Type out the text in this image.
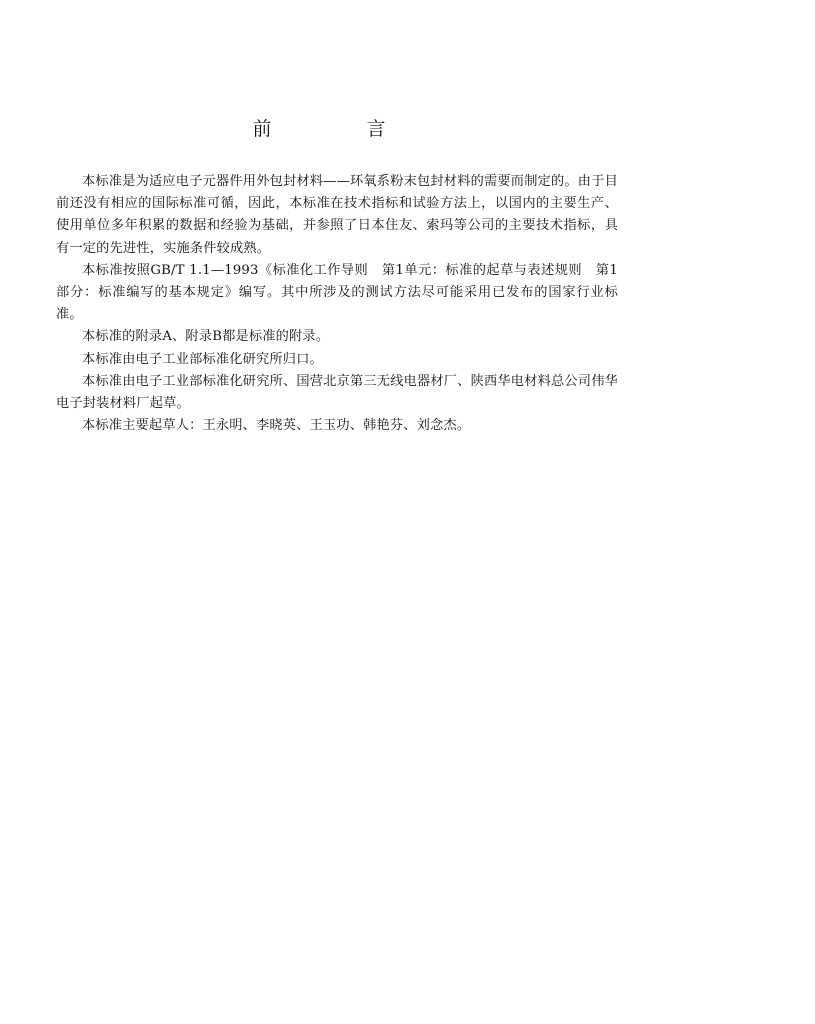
前　言

本标准是为适应电子元器件用外包封材料——环氧系粉末包封材料的需要而制定的。由于目前还没有相应的国际标准可循，因此，本标准在技术指标和试验方法上，以国内的主要生产、使用单位多年积累的数据和经验为基础，并参照了日本住友、索玛等公司的主要技术指标，具有一定的先进性，实施条件较成熟。

本标准按照GB/T 1.1—1993《标准化工作导则　第1单元：标准的起草与表述规则　第1部分：标准编写的基本规定》编写。其中所涉及的测试方法尽可能采用已发布的国家行业标准。

本标准的附录A、附录B都是标准的附录。

本标准由电子工业部标准化研究所归口。

本标准由电子工业部标准化研究所、国营北京第三无线电器材厂、陕西华电材料总公司伟华电子封装材料厂起草。

本标准主要起草人：王永明、李晓英、王玉功、韩艳芬、刘念杰。
